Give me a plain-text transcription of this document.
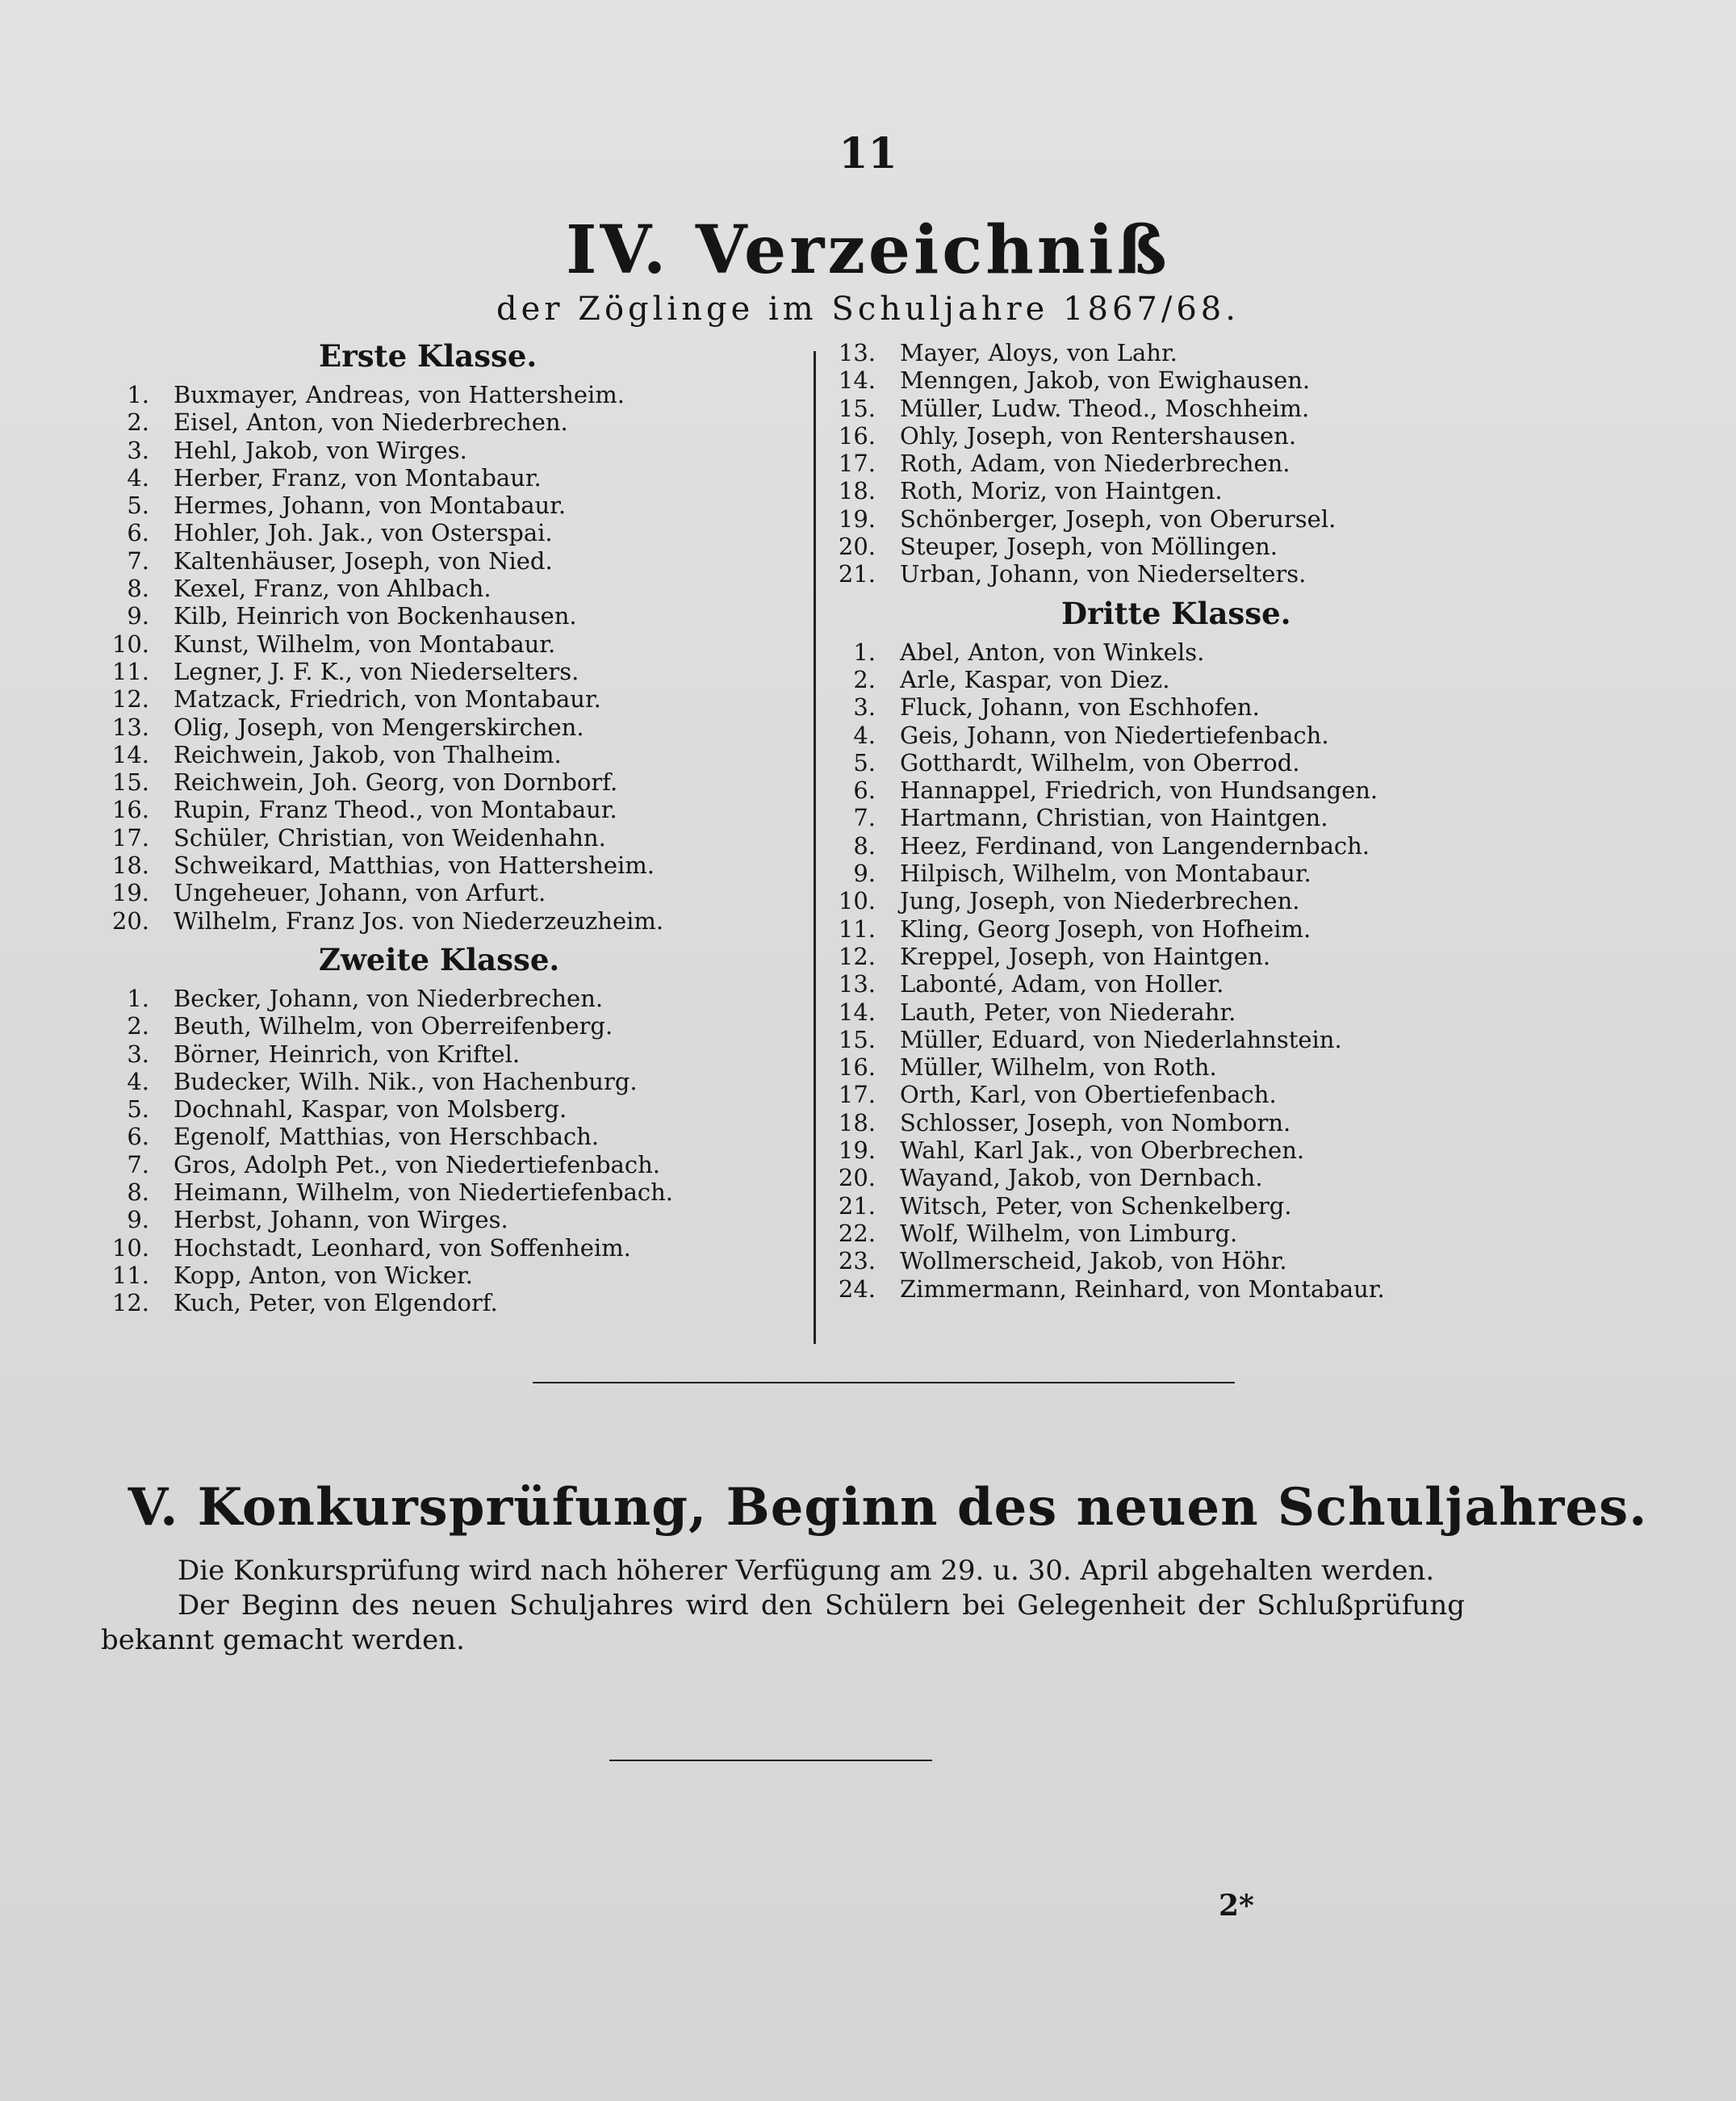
11
IV. Verzeichniß
der Zöglinge im Schuljahre 1867/68.
Erste Klasse.
1. Buxmayer, Andreas, von Hattersheim.
2. Eisel, Anton, von Niederbrechen.
3. Hehl, Jakob, von Wirges.
4. Herber, Franz, von Montabaur.
5. Hermes, Johann, von Montabaur.
6. Hohler, Joh. Jak., von Osterspai.
7. Kaltenhäuser, Joseph, von Nied.
8. Kexel, Franz, von Ahlbach.
9. Kilb, Heinrich von Bockenhausen.
10. Kunst, Wilhelm, von Montabaur.
11. Legner, J. F. K., von Niederselters.
12. Matzack, Friedrich, von Montabaur.
13. Olig, Joseph, von Mengerskirchen.
14. Reichwein, Jakob, von Thalheim.
15. Reichwein, Joh. Georg, von Dornborf.
16. Rupin, Franz Theod., von Montabaur.
17. Schüler, Christian, von Weidenhahn.
18. Schweikard, Matthias, von Hattersheim.
19. Ungeheuer, Johann, von Arfurt.
20. Wilhelm, Franz Jos. von Niederzeuzheim.
Zweite Klasse.
1. Becker, Johann, von Niederbrechen.
2. Beuth, Wilhelm, von Oberreifenberg.
3. Börner, Heinrich, von Kriftel.
4. Budecker, Wilh. Nik., von Hachenburg.
5. Dochnahl, Kaspar, von Molsberg.
6. Egenolf, Matthias, von Herschbach.
7. Gros, Adolph Pet., von Niedertiefenbach.
8. Heimann, Wilhelm, von Niedertiefenbach.
9. Herbst, Johann, von Wirges.
10. Hochstadt, Leonhard, von Soffenheim.
11. Kopp, Anton, von Wicker.
12. Kuch, Peter, von Elgendorf.
13. Mayer, Aloys, von Lahr.
14. Menngen, Jakob, von Ewighausen.
15. Müller, Ludw. Theod., Moschheim.
16. Ohly, Joseph, von Rentershausen.
17. Roth, Adam, von Niederbrechen.
18. Roth, Moriz, von Haintgen.
19. Schönberger, Joseph, von Oberursel.
20. Steuper, Joseph, von Möllingen.
21. Urban, Johann, von Niederselters.
Dritte Klasse.
1. Abel, Anton, von Winkels.
2. Arle, Kaspar, von Diez.
3. Fluck, Johann, von Eschhofen.
4. Geis, Johann, von Niedertiefenbach.
5. Gotthardt, Wilhelm, von Oberrod.
6. Hannappel, Friedrich, von Hundsangen.
7. Hartmann, Christian, von Haintgen.
8. Heez, Ferdinand, von Langendernbach.
9. Hilpisch, Wilhelm, von Montabaur.
10. Jung, Joseph, von Niederbrechen.
11. Kling, Georg Joseph, von Hofheim.
12. Kreppel, Joseph, von Haintgen.
13. Labonté, Adam, von Holler.
14. Lauth, Peter, von Niederahr.
15. Müller, Eduard, von Niederlahnstein.
16. Müller, Wilhelm, von Roth.
17. Orth, Karl, von Obertiefenbach.
18. Schlosser, Joseph, von Nomborn.
19. Wahl, Karl Jak., von Oberbrechen.
20. Wayand, Jakob, von Dernbach.
21. Witsch, Peter, von Schenkelberg.
22. Wolf, Wilhelm, von Limburg.
23. Wollmerscheid, Jakob, von Höhr.
24. Zimmermann, Reinhard, von Montabaur.
V. Konkursprüfung, Beginn des neuen Schuljahres.
Die Konkursprüfung wird nach höherer Verfügung am 29. u. 30. April abgehalten werden.
Der Beginn des neuen Schuljahres wird den Schülern bei Gelegenheit der Schlußprüfung bekannt gemacht werden.
2*
